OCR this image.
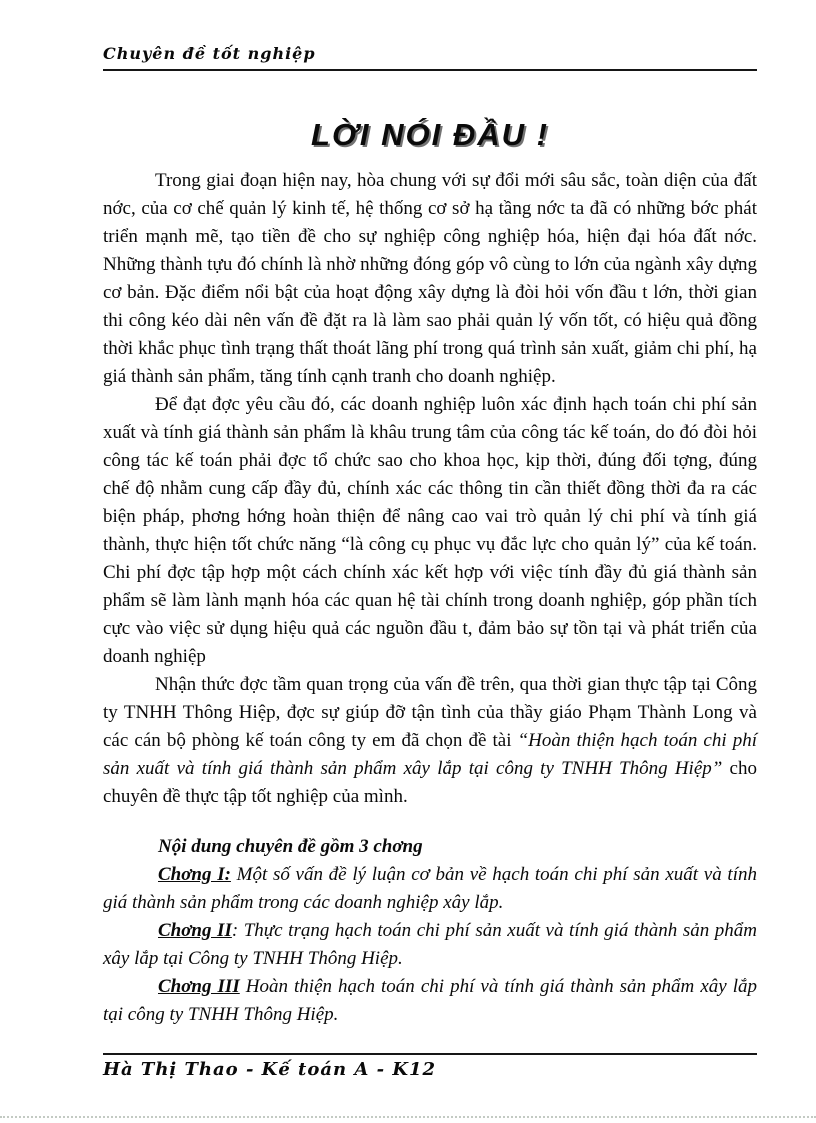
Chuyên đề tốt nghiệp
LỜI NÓI ĐẦU !

Trong giai đoạn hiện nay, hòa chung với sự đổi mới sâu sắc, toàn diện của đất nớc, của cơ chế quản lý kinh tế, hệ thống cơ sở hạ tầng nớc ta đã có những bớc phát triển mạnh mẽ, tạo tiền đề cho sự nghiệp công nghiệp hóa, hiện đại hóa đất nớc. Những thành tựu đó chính là nhờ những đóng góp vô cùng to lớn của ngành xây dựng cơ bản. Đặc điểm nổi bật của hoạt động xây dựng là đòi hỏi vốn đầu t lớn, thời gian thi công kéo dài nên vấn đề đặt ra là làm sao phải quản lý vốn tốt, có hiệu quả đồng thời khắc phục tình trạng thất thoát lãng phí trong quá trình sản xuất, giảm chi phí, hạ giá thành sản phẩm, tăng tính cạnh tranh cho doanh nghiệp.

Để đạt đợc yêu cầu đó, các doanh nghiệp luôn xác định hạch toán chi phí sản xuất và tính giá thành sản phẩm là khâu trung tâm của công tác kế toán, do đó đòi hỏi công tác kế toán phải đợc tổ chức sao cho khoa học, kịp thời, đúng đối tợng, đúng chế độ nhằm cung cấp đầy đủ, chính xác các thông tin cần thiết đồng thời đa ra các biện pháp, phơng hớng hoàn thiện để nâng cao vai trò quản lý chi phí và tính giá thành, thực hiện tốt chức năng “là công cụ phục vụ đắc lực cho quản lý” của kế toán. Chi phí đợc tập hợp một cách chính xác kết hợp với việc tính đầy đủ giá thành sản phẩm sẽ làm lành mạnh hóa các quan hệ tài chính trong doanh nghiệp, góp phần tích cực vào việc sử dụng hiệu quả các nguồn đầu t, đảm bảo sự tồn tại và phát triển của doanh nghiệp

Nhận thức đợc tầm quan trọng của vấn đề trên, qua thời gian thực tập tại Công ty TNHH Thông Hiệp, đợc sự giúp đỡ tận tình của thầy giáo Phạm Thành Long và các cán bộ phòng kế toán công ty em đã chọn đề tài “Hoàn thiện hạch toán chi phí sản xuất và tính giá thành sản phẩm xây lắp tại công ty TNHH Thông Hiệp” cho chuyên đề thực tập tốt nghiệp của mình.

Nội dung chuyên đề gồm 3 chơng

Chơng I: Một số vấn đề lý luận cơ bản về hạch toán chi phí sản xuất và tính giá thành sản phẩm trong các doanh nghiệp xây lắp.

Chơng II: Thực trạng hạch toán chi phí sản xuất và tính giá thành sản phẩm xây lắp tại Công ty TNHH Thông Hiệp.

Chơng III Hoàn thiện hạch toán chi phí và tính giá thành sản phẩm xây lắp tại công ty TNHH Thông Hiệp.

Hà Thị Thao - Kế toán A - K12
